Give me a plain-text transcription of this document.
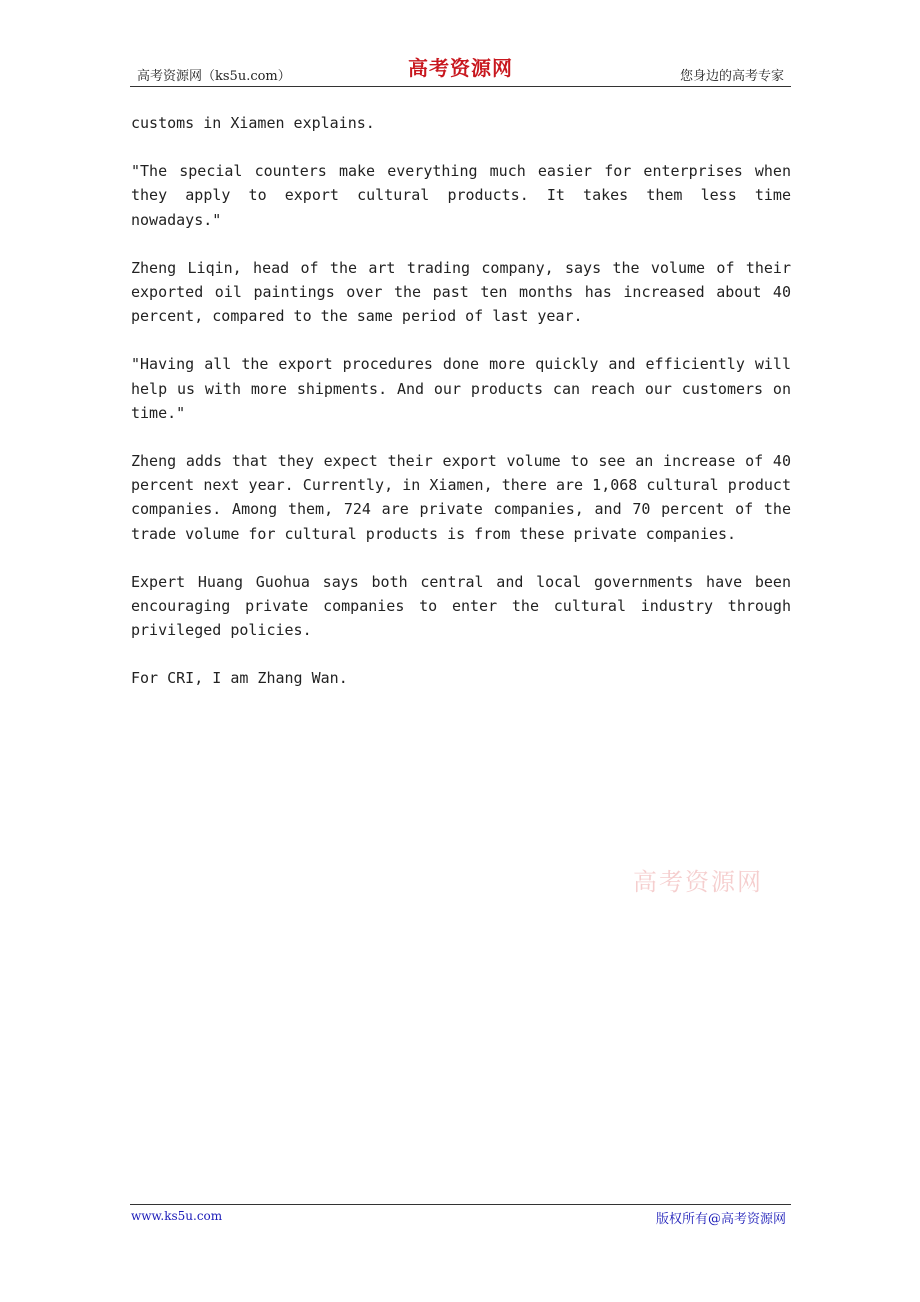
高考资源网（ks5u.com）	高考资源网	您身边的高考专家

customs in Xiamen explains.

"The special counters make everything much easier for enterprises when they apply to export cultural products. It takes them less time nowadays."

Zheng Liqin, head of the art trading company, says the volume of their exported oil paintings over the past ten months has increased about 40 percent, compared to the same period of last year.

"Having all the export procedures done more quickly and efficiently will help us with more shipments. And our products can reach our customers on time."

Zheng adds that they expect their export volume to see an increase of 40 percent next year. Currently, in Xiamen, there are 1,068 cultural product companies. Among them, 724 are private companies, and 70 percent of the trade volume for cultural products is from these private companies.

Expert Huang Guohua says both central and local governments have been encouraging private companies to enter the cultural industry through privileged policies.

For CRI, I am Zhang Wan.

高考资源网
www.ks5u.com	版权所有@高考资源网
